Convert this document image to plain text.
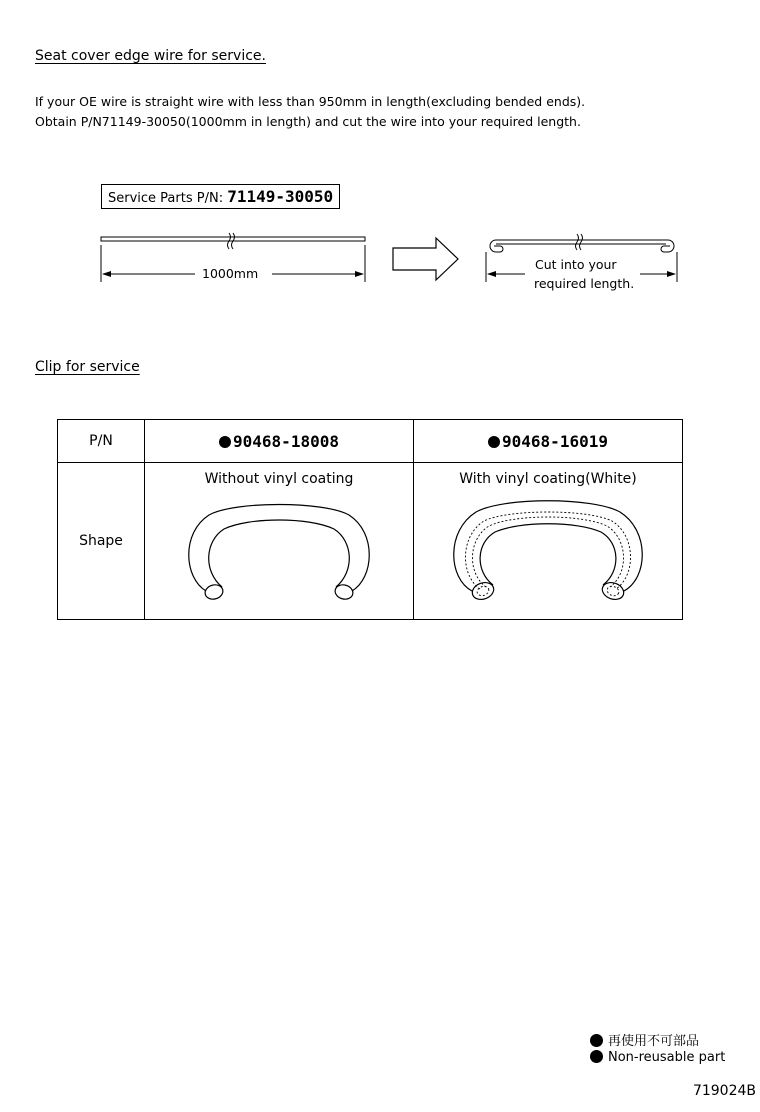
Seat cover edge wire for service.
If your OE wire is straight wire with less than 950mm in length(excluding bended ends).
Obtain P/N71149-30050(1000mm in length) and cut the wire into your required length.
Service Parts P/N: 71149-30050
1000mm
Cut into your
required length.
Clip for service
P/N	90468-18008	90468-16019
Shape	Without vinyl coating	With vinyl coating(White)
再使用不可部品
Non-reusable part
719024B
